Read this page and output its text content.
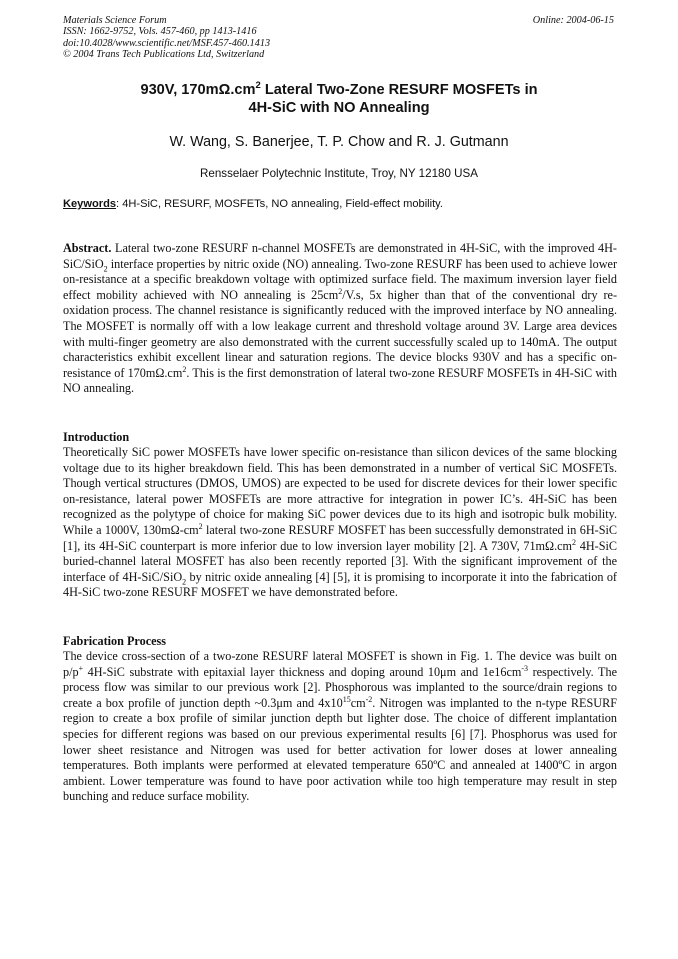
Materials Science Forum
ISSN: 1662-9752, Vols. 457-460, pp 1413-1416
doi:10.4028/www.scientific.net/MSF.457-460.1413
© 2004 Trans Tech Publications Ltd, Switzerland
Online: 2004-06-15
930V, $170m\Omega.cm^2$ Lateral Two-Zone RESURF MOSFETs in
4H-SiC with NO Annealing
W. Wang, S. Banerjee, T. P. Chow and R. J. Gutmann
Rensselaer Polytechnic Institute, Troy, NY 12180 USA
Keywords: 4H-SiC, RESURF, MOSFETs, NO annealing, Field-effect mobility.
Abstract. Lateral two-zone RESURF n-channel MOSFETs are demonstrated in 4H-SiC, with the improved 4H-SiC/SiO$_2$ interface properties by nitric oxide (NO) annealing. Two-zone RESURF has been used to achieve lower on-resistance at a specific breakdown voltage with optimized surface field. The maximum inversion layer field effect mobility achieved with NO annealing is $25cm^2/V.s$, 5x higher than that of the conventional dry re-oxidation process. The channel resistance is significantly reduced with the improved interface by NO annealing. The MOSFET is normally off with a low leakage current and threshold voltage around 3V. Large area devices with multi-finger geometry are also demonstrated with the current successfully scaled up to 140mA. The output characteristics exhibit excellent linear and saturation regions. The device blocks 930V and has a specific on-resistance of $170m\Omega.cm^2$. This is the first demonstration of lateral two-zone RESURF MOSFETs in 4H-SiC with NO annealing.
Introduction
Theoretically SiC power MOSFETs have lower specific on-resistance than silicon devices of the same blocking voltage due to its higher breakdown field. This has been demonstrated in a number of vertical SiC MOSFETs. Though vertical structures (DMOS, UMOS) are expected to be used for discrete devices for their lower specific on-resistance, lateral power MOSFETs are more attractive for integration in power IC’s. 4H-SiC has been recognized as the polytype of choice for making SiC power devices due to its high and isotropic bulk mobility. While a 1000V, $130m\Omega-cm^2$ lateral two-zone RESURF MOSFET has been successfully demonstrated in 6H-SiC [1], its 4H-SiC counterpart is more inferior due to low inversion layer mobility [2]. A 730V, $71m\Omega.cm^2$ 4H-SiC buried-channel lateral MOSFET has also been recently reported [3]. With the significant improvement of the interface of 4H-SiC/SiO$_2$ by nitric oxide annealing [4] [5], it is promising to incorporate it into the fabrication of 4H-SiC two-zone RESURF MOSFET we have demonstrated before.
Fabrication Process
The device cross-section of a two-zone RESURF lateral MOSFET is shown in Fig. 1. The device was built on p/p+ 4H-SiC substrate with epitaxial layer thickness and doping around 10μm and $1e16cm^{-3}$ respectively. The process flow was similar to our previous work [2]. Phosphorous was implanted to the source/drain regions to create a box profile of junction depth ~0.3μm and $4x10^{15}cm^{-2}$. Nitrogen was implanted to the n-type RESURF region to create a box profile of similar junction depth but lighter dose. The choice of different implantation species for different regions was based on our previous experimental results [6] [7]. Phosphorus was used for lower sheet resistance and Nitrogen was used for better activation for lower doses at lower annealing temperatures. Both implants were performed at elevated temperature 650ºC and annealed at 1400ºC in argon ambient. Lower temperature was found to have poor activation while too high temperature may result in step bunching and reduce surface mobility.
